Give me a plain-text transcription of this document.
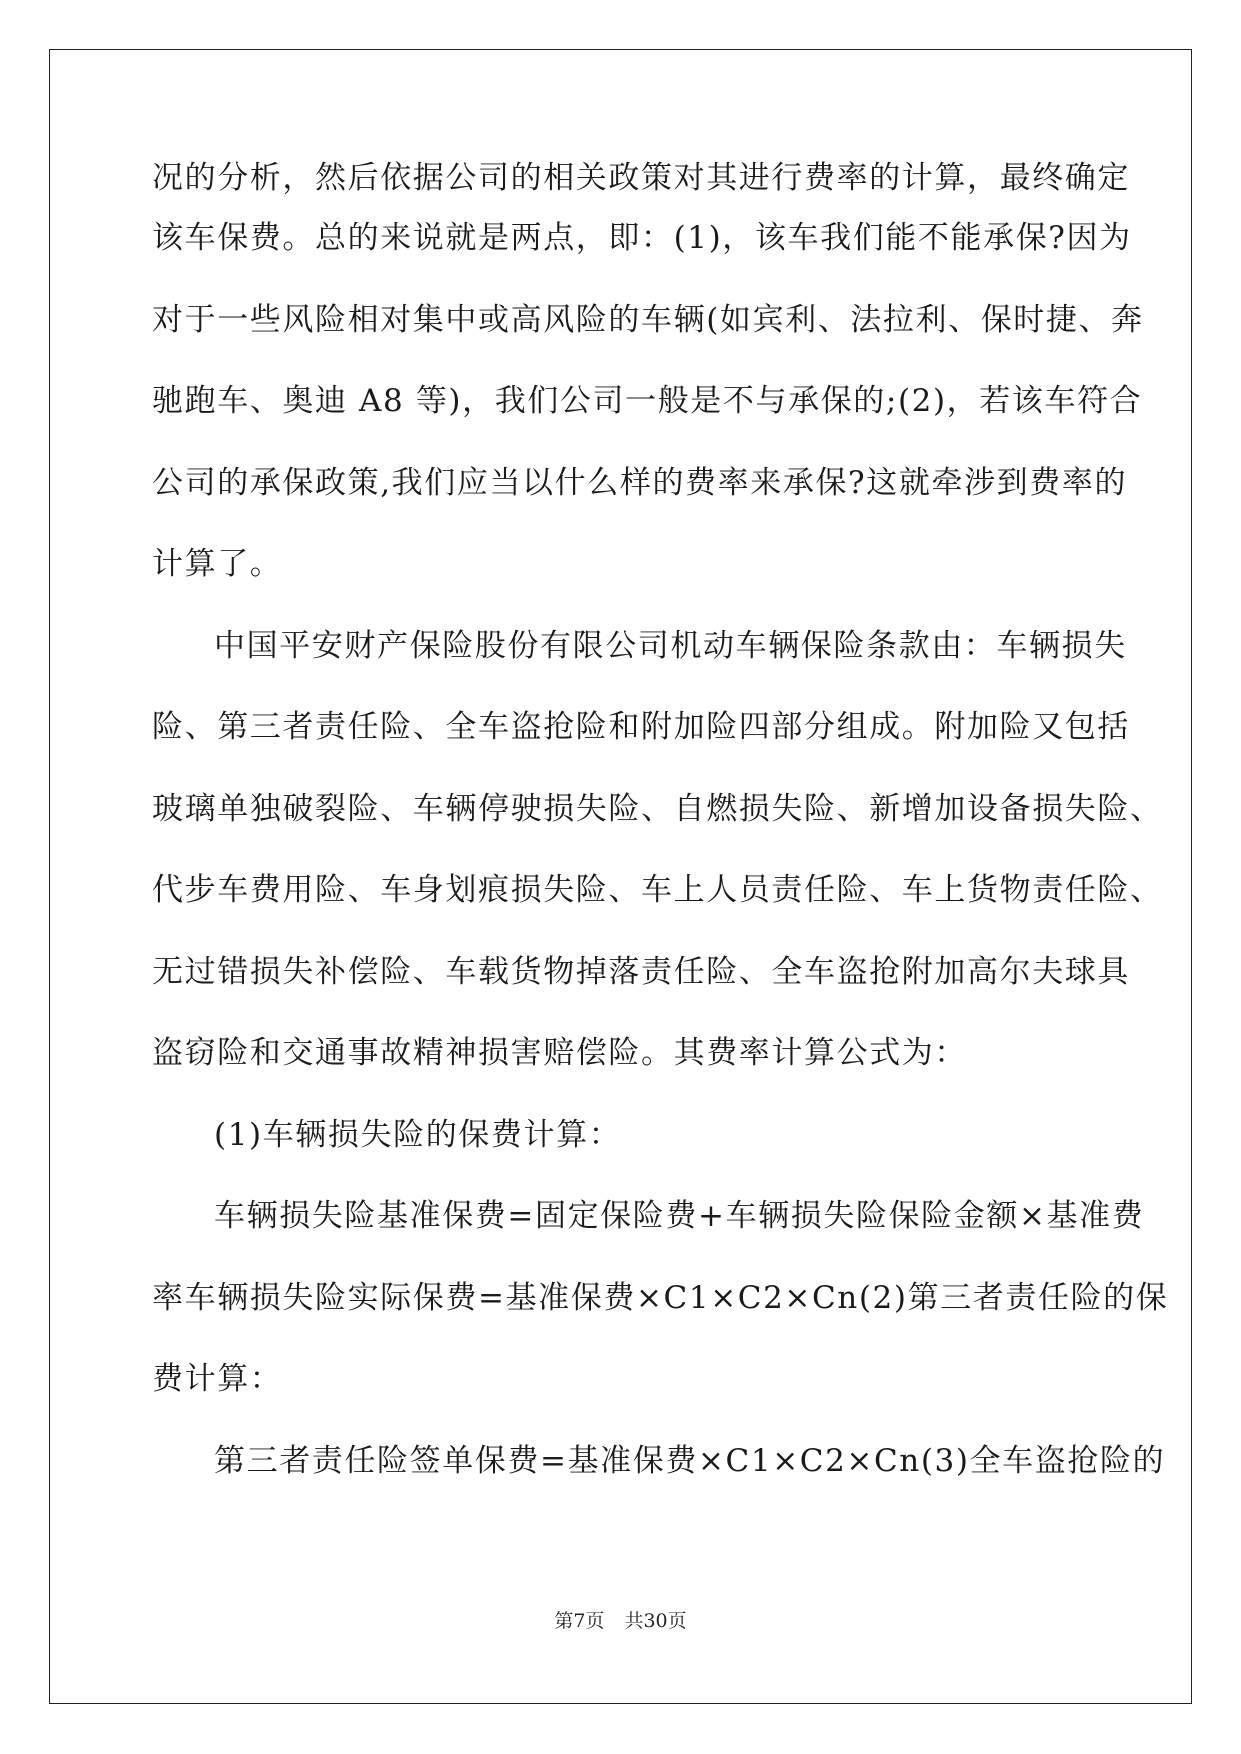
况的分析，然后依据公司的相关政策对其进行费率的计算，最终确定
该车保费。总的来说就是两点，即：(1)，该车我们能不能承保?因为
对于一些风险相对集中或高风险的车辆(如宾利、法拉利、保时捷、奔
驰跑车、奥迪 A8 等)，我们公司一般是不与承保的;(2)，若该车符合
公司的承保政策,我们应当以什么样的费率来承保?这就牵涉到费率的
计算了。
中国平安财产保险股份有限公司机动车辆保险条款由：车辆损失
险、第三者责任险、全车盗抢险和附加险四部分组成。附加险又包括
玻璃单独破裂险、车辆停驶损失险、自燃损失险、新增加设备损失险、
代步车费用险、车身划痕损失险、车上人员责任险、车上货物责任险、
无过错损失补偿险、车载货物掉落责任险、全车盗抢附加高尔夫球具
盗窃险和交通事故精神损害赔偿险。其费率计算公式为：
(1)车辆损失险的保费计算：
车辆损失险基准保费=固定保险费+车辆损失险保险金额×基准费
率车辆损失险实际保费=基准保费×C1×C2×Cn(2)第三者责任险的保
费计算：
第三者责任险签单保费=基准保费×C1×C2×Cn(3)全车盗抢险的
第7页 共30页
